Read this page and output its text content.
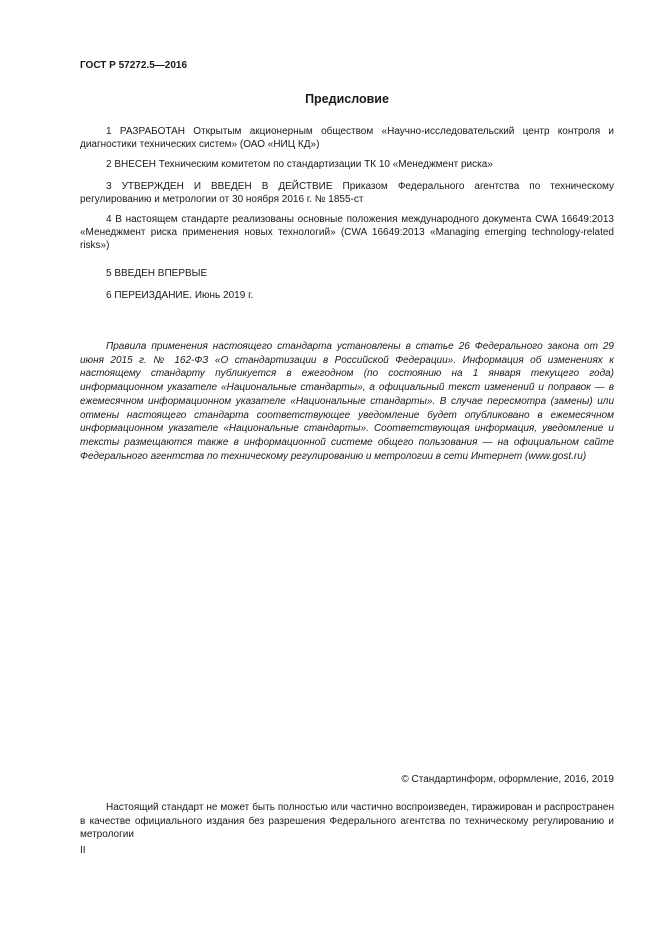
ГОСТ Р 57272.5—2016
Предисловие
1 РАЗРАБОТАН Открытым акционерным обществом «Научно-исследовательский центр контроля и диагностики технических систем» (ОАО «НИЦ КД»)
2 ВНЕСЕН Техническим комитетом по стандартизации ТК 10 «Менеджмент риска»
3 УТВЕРЖДЕН И ВВЕДЕН В ДЕЙСТВИЕ Приказом Федерального агентства по техническому регулированию и метрологии от 30 ноября 2016 г. № 1855-ст
4 В настоящем стандарте реализованы основные положения международного документа CWA 16649:2013 «Менеджмент риска применения новых технологий» (CWA 16649:2013 «Managing emerging technology-related risks»)
5 ВВЕДЕН ВПЕРВЫЕ
6 ПЕРЕИЗДАНИЕ. Июнь 2019 г.
Правила применения настоящего стандарта установлены в статье 26 Федерального закона от 29 июня 2015 г. № 162-ФЗ «О стандартизации в Российской Федерации». Информация об изменениях к настоящему стандарту публикуется в ежегодном (по состоянию на 1 января текущего года) информационном указателе «Национальные стандарты», а официальный текст изменений и поправок — в ежемесячном информационном указателе «Национальные стандарты». В случае пересмотра (замены) или отмены настоящего стандарта соответствующее уведомление будет опубликовано в ежемесячном информационном указателе «Национальные стандарты». Соответствующая информация, уведомление и тексты размещаются также в информационной системе общего пользования — на официальном сайте Федерального агентства по техническому регулированию и метрологии в сети Интернет (www.gost.ru)
© Стандартинформ, оформление, 2016, 2019
Настоящий стандарт не может быть полностью или частично воспроизведен, тиражирован и распространен в качестве официального издания без разрешения Федерального агентства по техническому регулированию и метрологии
II
